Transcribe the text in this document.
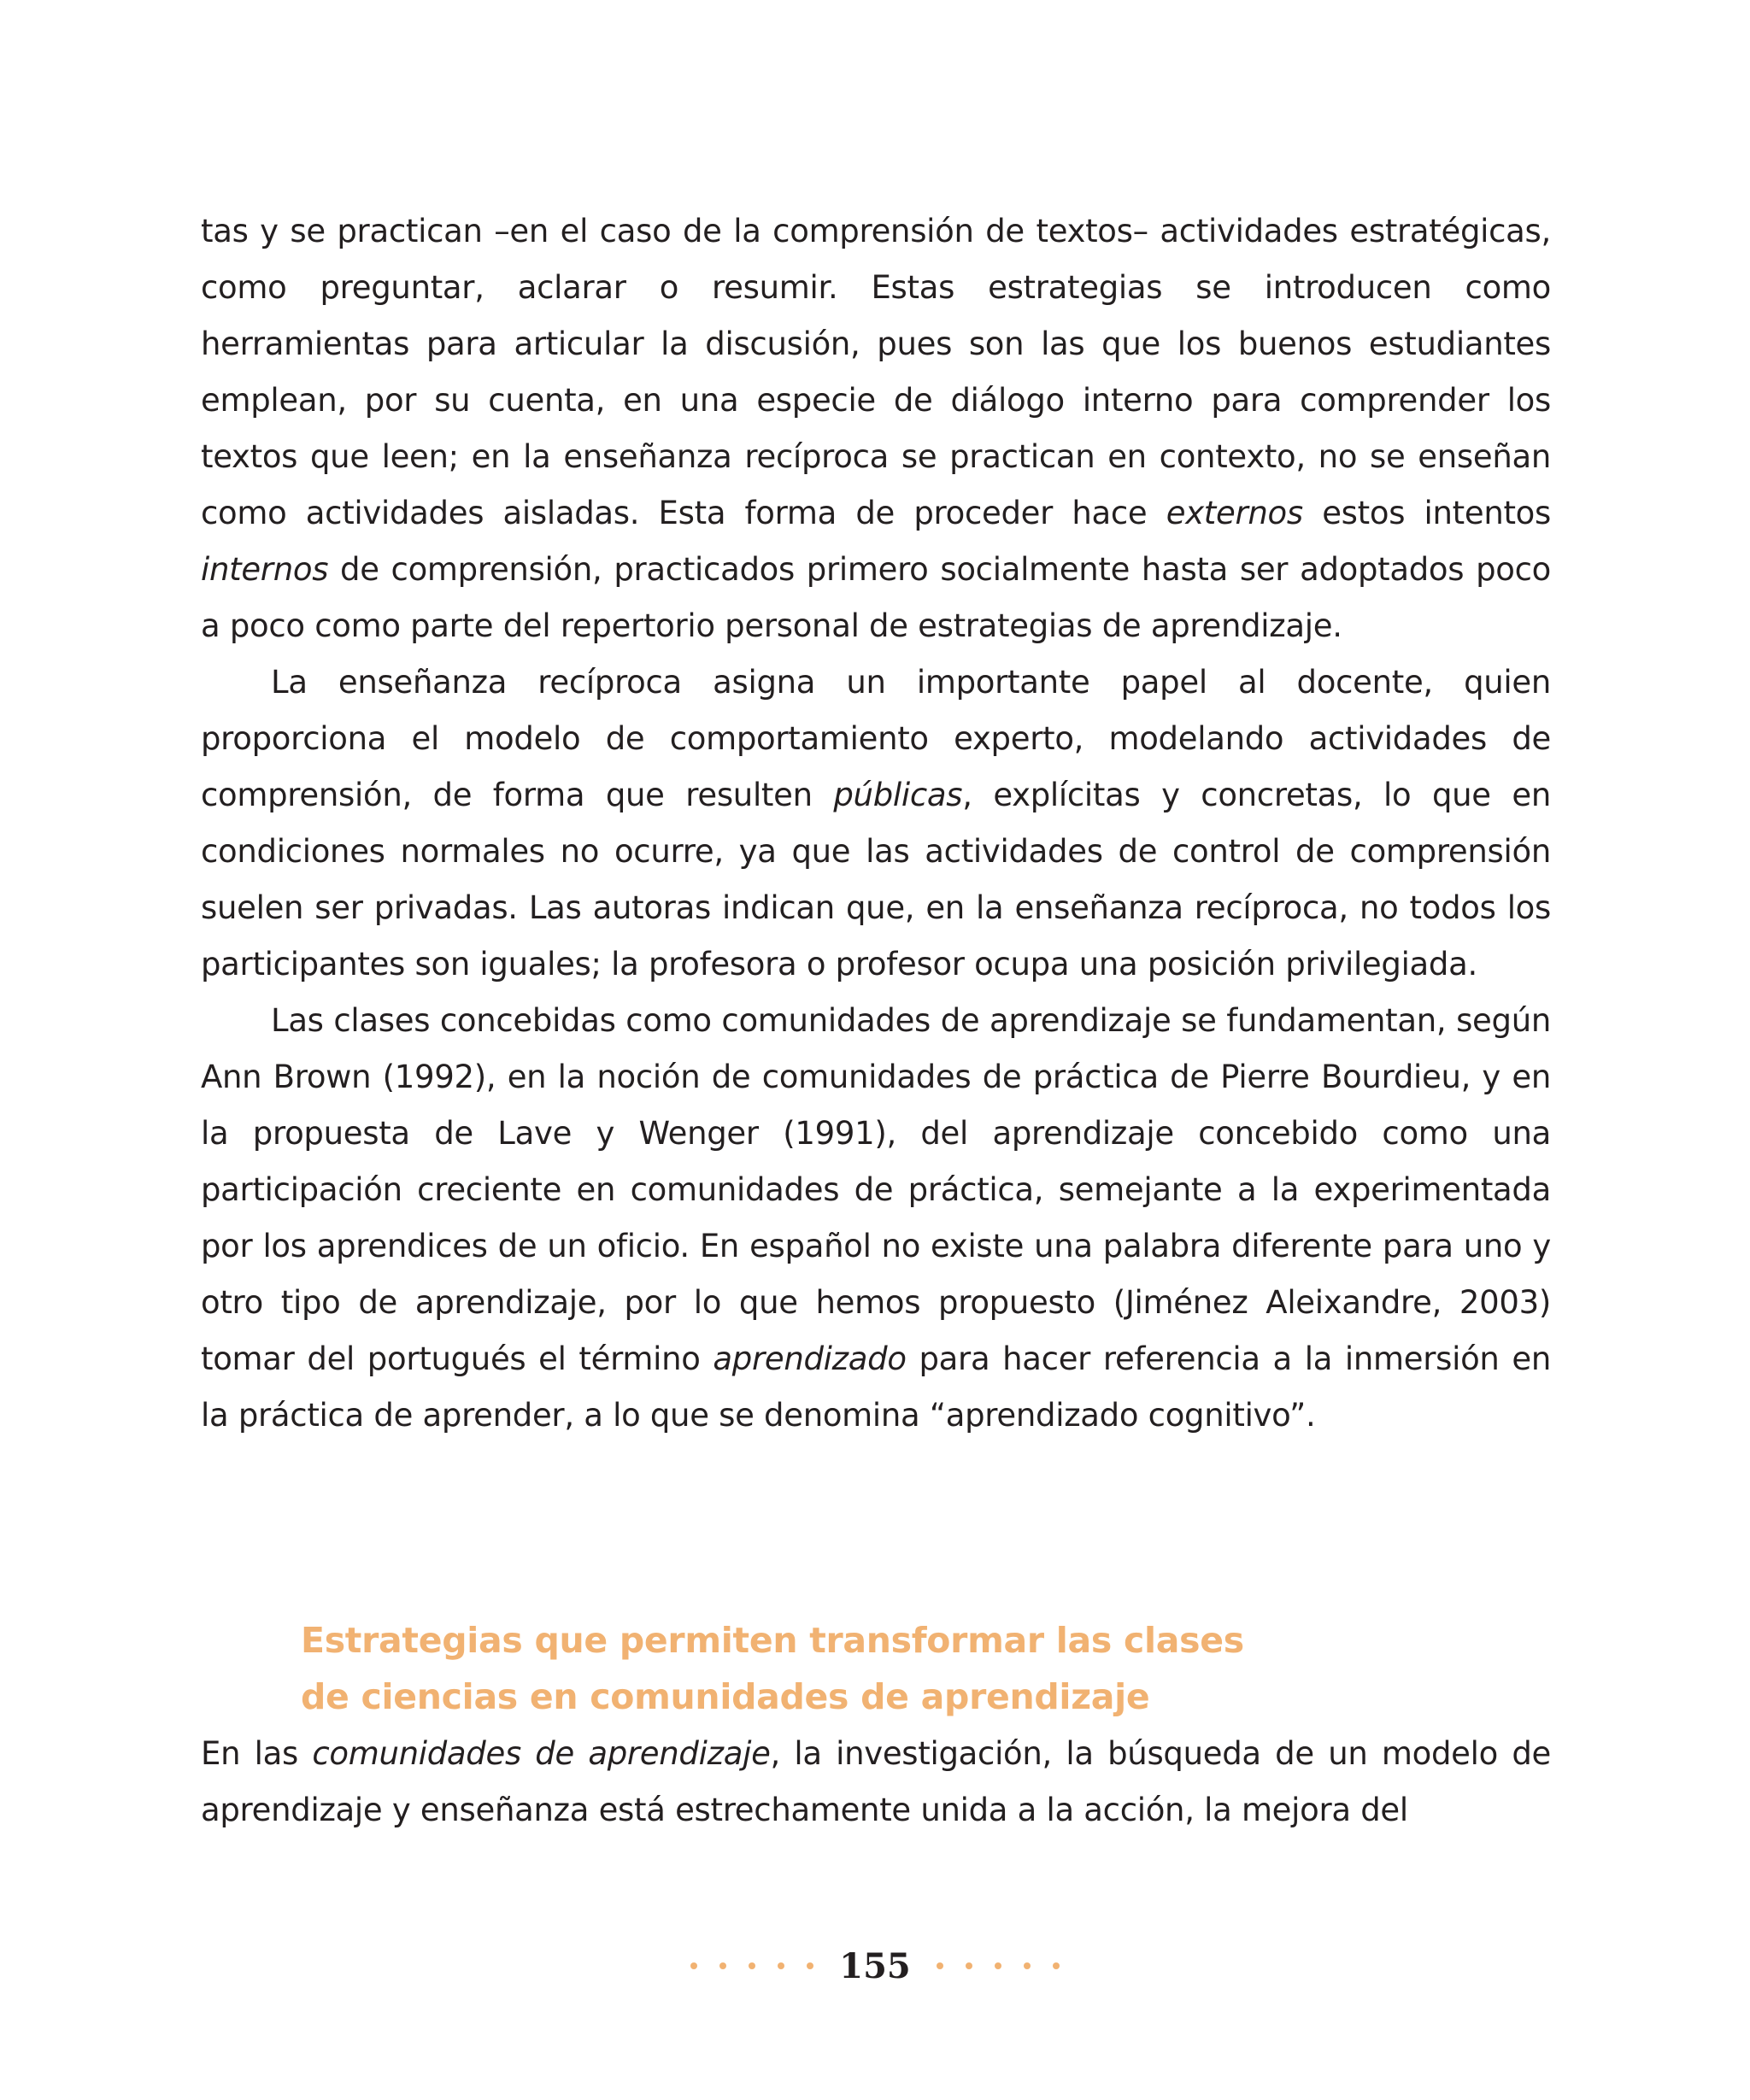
tas y se practican –en el caso de la comprensión de textos– actividades estratégicas, como preguntar, aclarar o resumir. Estas estrategias se introducen como herramientas para articular la discusión, pues son las que los buenos estudiantes emplean, por su cuenta, en una especie de diálogo interno para comprender los textos que leen; en la enseñanza recíproca se practican en contexto, no se enseñan como actividades aisladas. Esta forma de proceder hace externos estos intentos internos de comprensión, practicados primero socialmente hasta ser adoptados poco a poco como parte del repertorio personal de estrategias de aprendizaje.

La enseñanza recíproca asigna un importante papel al docente, quien proporciona el modelo de comportamiento experto, modelando actividades de comprensión, de forma que resulten públicas, explícitas y concretas, lo que en condiciones normales no ocurre, ya que las actividades de control de comprensión suelen ser privadas. Las autoras indican que, en la enseñanza recíproca, no todos los participantes son iguales; la profesora o profesor ocupa una posición privilegiada.

Las clases concebidas como comunidades de aprendizaje se fundamentan, según Ann Brown (1992), en la noción de comunidades de práctica de Pierre Bourdieu, y en la propuesta de Lave y Wenger (1991), del aprendizaje concebido como una participación creciente en comunidades de práctica, semejante a la experimentada por los aprendices de un oficio. En español no existe una palabra diferente para uno y otro tipo de aprendizaje, por lo que hemos propuesto (Jiménez Aleixandre, 2003) tomar del portugués el término aprendizado para hacer referencia a la inmersión en la práctica de aprender, a lo que se denomina “aprendizado cognitivo”.

Estrategias que permiten transformar las clases
de ciencias en comunidades de aprendizaje

En las comunidades de aprendizaje, la investigación, la búsqueda de un modelo de aprendizaje y enseñanza está estrechamente unida a la acción, la mejora del

155
